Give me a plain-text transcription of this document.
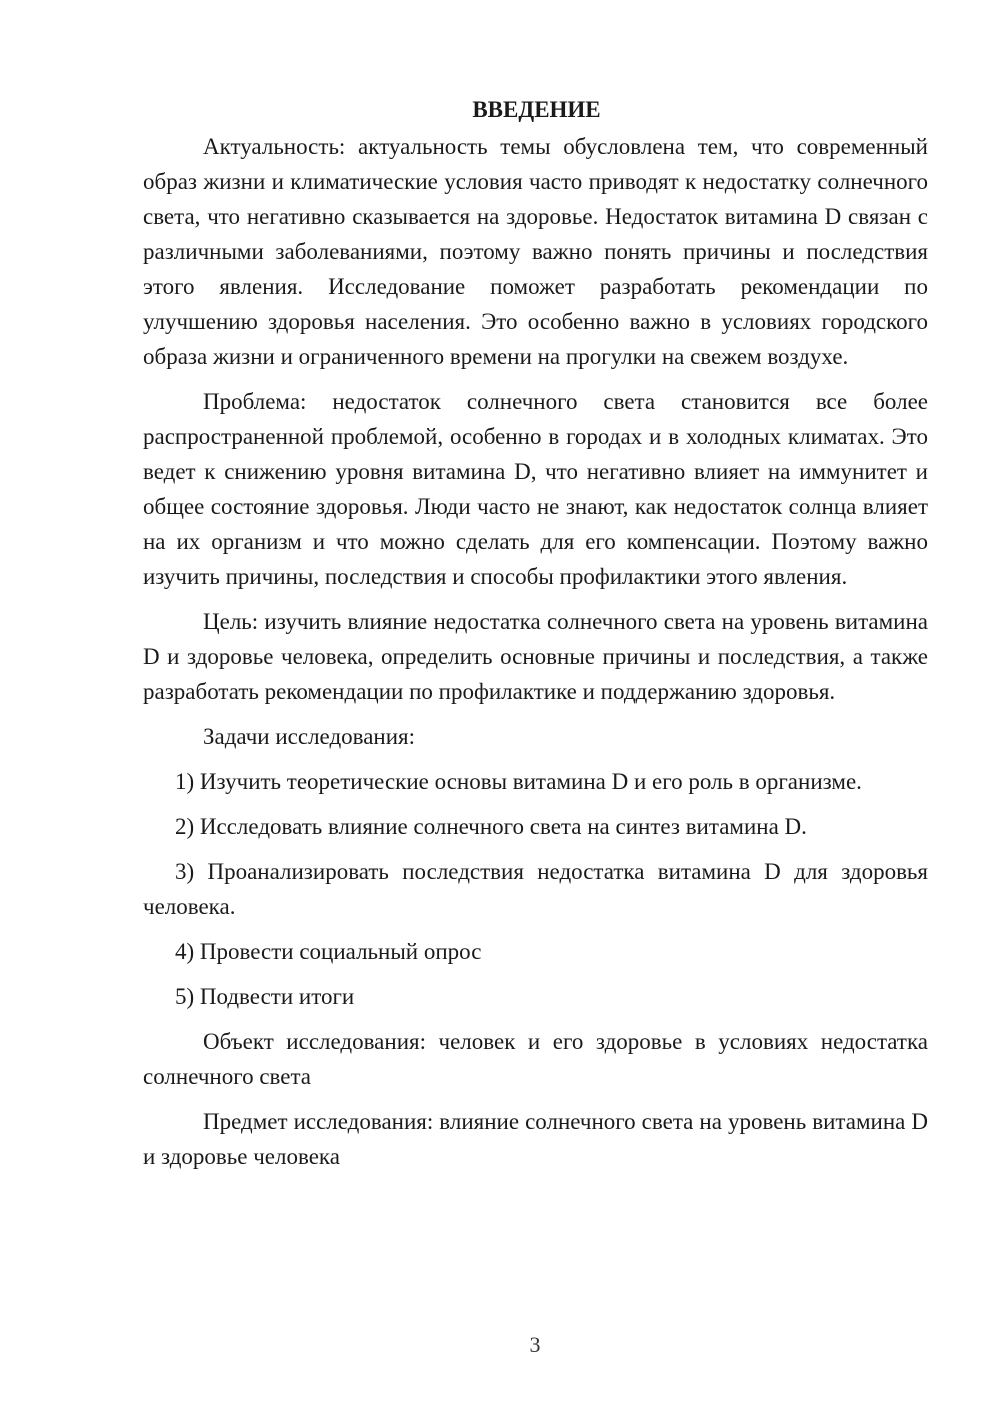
ВВЕДЕНИЕ

Актуальность: актуальность темы обусловлена тем, что современный образ жизни и климатические условия часто приводят к недостатку солнечного света, что негативно сказывается на здоровье. Недостаток витамина D связан с различными заболеваниями, поэтому важно понять причины и последствия этого явления. Исследование поможет разработать рекомендации по улучшению здоровья населения. Это особенно важно в условиях городского образа жизни и ограниченного времени на прогулки на свежем воздухе.

Проблема: недостаток солнечного света становится все более распространенной проблемой, особенно в городах и в холодных климатах. Это ведет к снижению уровня витамина D, что негативно влияет на иммунитет и общее состояние здоровья. Люди часто не знают, как недостаток солнца влияет на их организм и что можно сделать для его компенсации. Поэтому важно изучить причины, последствия и способы профилактики этого явления.

Цель: изучить влияние недостатка солнечного света на уровень витамина D и здоровье человека, определить основные причины и последствия, а также разработать рекомендации по профилактике и поддержанию здоровья.

Задачи исследования:

1) Изучить теоретические основы витамина D и его роль в организме.

2) Исследовать влияние солнечного света на синтез витамина D.

3) Проанализировать последствия недостатка витамина D для здоровья человека.

4) Провести социальный опрос

5) Подвести итоги

Объект исследования: человек и его здоровье в условиях недостатка солнечного света

Предмет исследования: влияние солнечного света на уровень витамина D и здоровье человека

3
